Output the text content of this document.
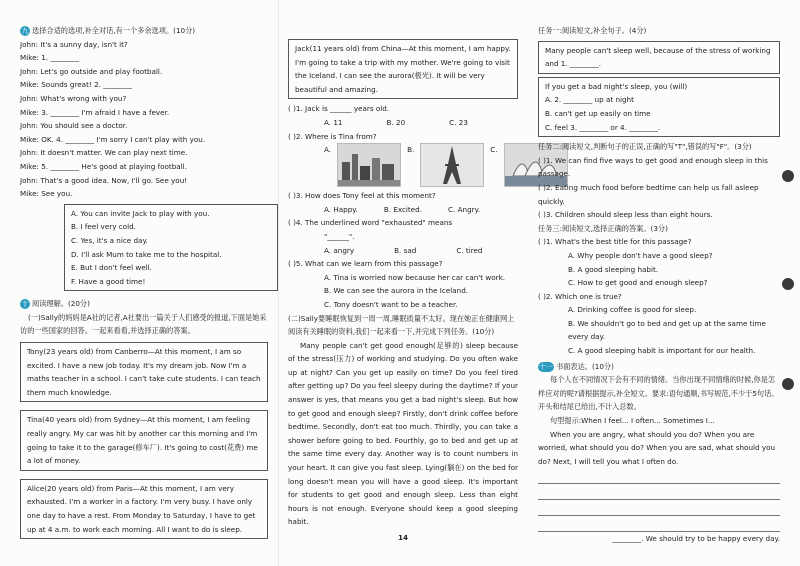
九 选择合适的选项,补全对话,有一个多余选项。(10分)
John: It's a sunny day, isn't it?
Mike: 1. ________
John: Let's go outside and play football.
Mike: Sounds great! 2. ________
John: What's wrong with you?
Mike: 3. ________ I'm afraid I have a fever.
John: You should see a doctor.
Mike: OK. 4. ________ I'm sorry I can't play with you.
John: It doesn't matter. We can play next time.
Mike: 5. ________ He's good at playing football.
John: That's a good idea. Now, I'll go. See you!
Mike: See you.
A. You can invite Jack to play with you.
B. I feel very cold.
C. Yes, it's a nice day.
D. I'll ask Mum to take me to the hospital.
E. But I don't feel well.
F. Have a good time!
十 阅读理解。(20分)
(一)Sally的妈妈是A社的记者,A社要出一篇关于人们感受的报道,下面是她采访的一些国家的回答。一起来看看,并选择正确的答案。
Tony(23 years old) from Canberro—At this moment, I am so excited. I have a new job today. It's my dream job. Now I'm a maths teacher in a school. I can't take cute students. I can teach them much knowledge.
Tina(40 years old) from Sydney—At this moment, I am feeling really angry. My car was hit by another car this morning and I'm going to take it to the garage(修车厂). It's going to cost(花费) me a lot of money.
Alice(20 years old) from Paris—At this moment, I am very exhausted. I'm a worker in a factory. I'm very busy. I have only one day to have a rest. From Monday to Saturday, I have to get up at 4 a.m. to work each morning. All I want to do is sleep.
Jack(11 years old) from China—At this moment, I am happy. I'm going to take a trip with my mother. We're going to visit the Iceland. I can see the aurora(极光). It will be very beautiful and amazing.
( )1. Jack is ______ years old.
A. 11	B. 20	C. 23
( )2. Where is Tina from?
A.	B.	C.
( )3. How does Tony feel at this moment?
A. Happy.	B. Excited.	C. Angry.
( )4. The underlined word "exhausted" means
"______".
A. angry	B. sad	C. tired
( )5. What can we learn from this passage?
A. Tina is worried now because her car can't work.
B. We can see the aurora in the Iceland.
C. Tony doesn't want to be a teacher.
(二)Sally要睡眠恢复到一周一周,睡眠质量不太好。现在她正在健康网上阅读有关睡眠的资料,我们一起来看一下,并完成下列任务。(10分)
Many people can't get good enough(足够的) sleep because of the stress(压力) of working and studying. Do you often wake up at night? Can you get up easily on time? Do you feel tired after getting up? Do you feel sleepy during the daytime? If your answer is yes, that means you get a bad night's sleep. But how to get good and enough sleep? Firstly, don't drink coffee before bedtime. Secondly, don't eat too much. Thirdly, you can take a shower before going to bed. Fourthly, go to bed and get up at the same time every day. Another way is to count numbers in your heart. It can give you fast sleep. Lying(躺在) on the bed for long doesn't mean you will have a good sleep. It's important for students to get good and enough sleep. Less than eight hours is not enough. Everyone should keep a good sleeping habit.
14
任务一:阅读短文,补全句子。(4分)
Many people can't sleep well, because of the stress of working and 1. ________.
If you get a bad night's sleep, you (will)
A. 2. ________ up at night
B. can't get up easily on time
C. feel 3. ________ or 4. ________.
任务二:阅读短文,判断句子的正误,正确的写"T",错误的写"F"。(3分)
( )1. We can find five ways to get good and enough sleep in this passage.
( )2. Eating much food before bedtime can help us fall asleep quickly.
( )3. Children should sleep less than eight hours.
任务三:阅读短文,选择正确的答案。(3分)
( )1. What's the best title for this passage?
A. Why people don't have a good sleep?
B. A good sleeping habit.
C. How to get good and enough sleep?
( )2. Which one is true?
A. Drinking coffee is good for sleep.
B. We shouldn't go to bed and get up at the same time every day.
C. A good sleeping habit is important for our health.
十一 书面表达。(10分)
每个人在不同情况下会有不同的情绪。当你出现不同情绪的时候,你是怎样应对的呢?请根据提示,补全短文。要求:语句通顺,书写规范,不少于5句话。开头和结尾已给出,不计入总数。
句型提示:When I feel... I often... Sometimes I...
When you are angry, what should you do? When you are worried, what should you do? When you are sad, what should you do? Next, I will tell you what I often do.
________. We should try to be happy every day.
